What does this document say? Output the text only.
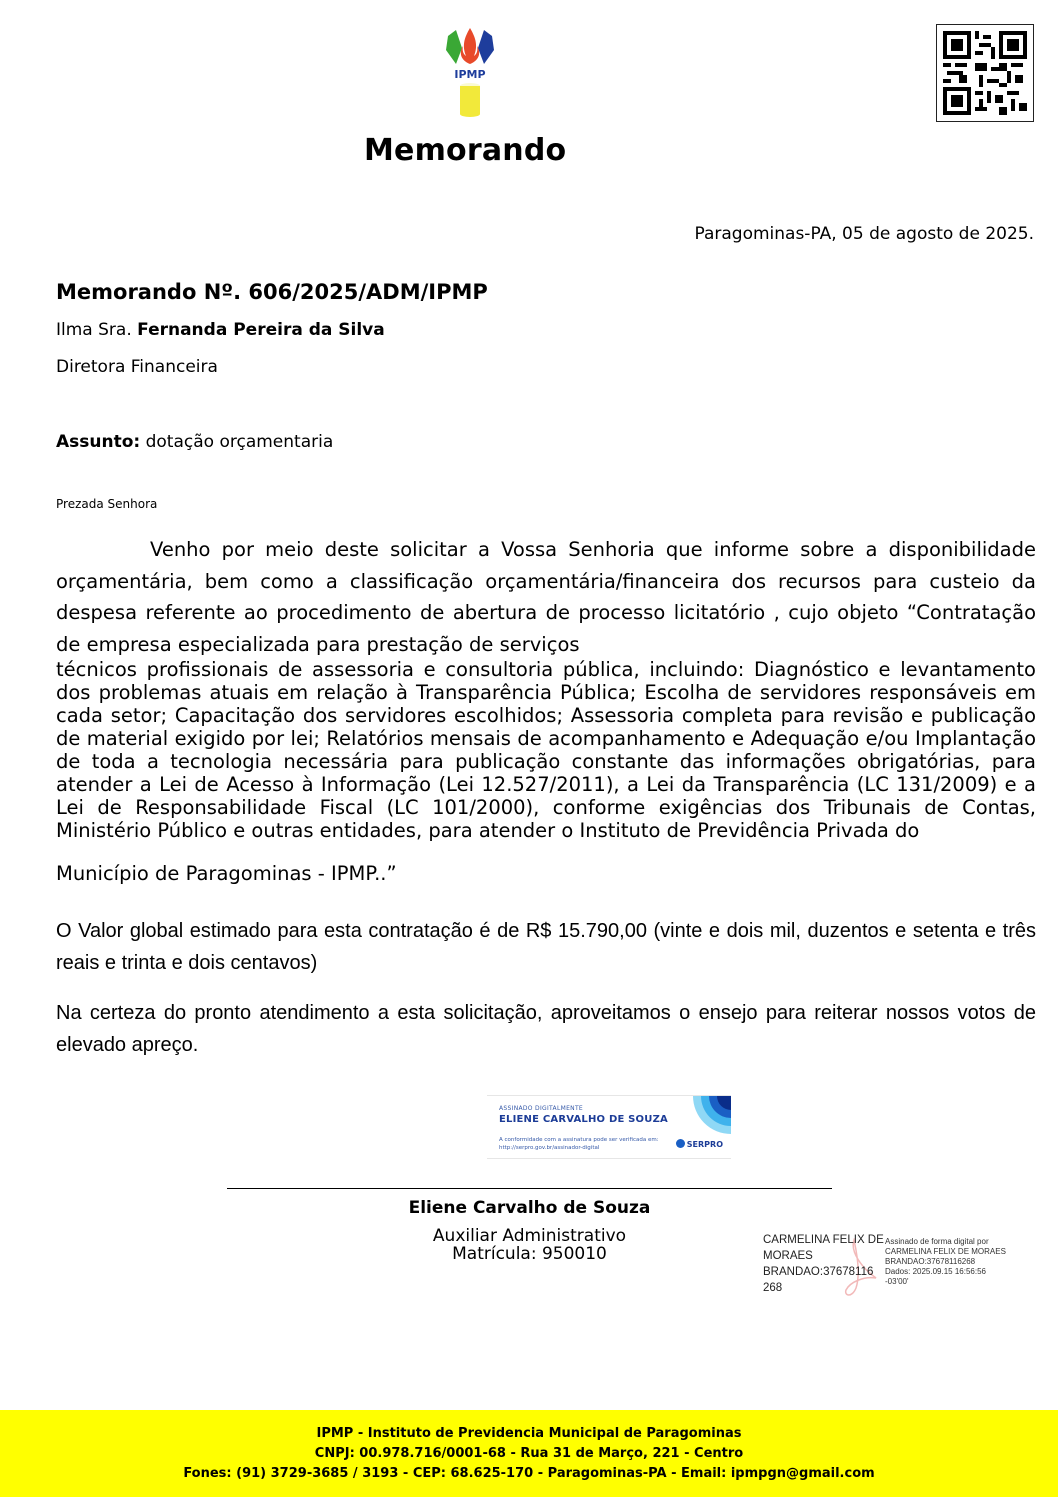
IPMP
Memorando
Paragominas-PA, 05 de agosto de 2025.
Memorando Nº. 606/2025/ADM/IPMP
Ilma Sra. Fernanda Pereira da Silva
Diretora Financeira
Assunto: dotação orçamentaria
Prezada Senhora
Venho por meio deste solicitar a Vossa Senhoria que informe sobre a disponibilidade orçamentária, bem como a classificação orçamentária/financeira dos recursos para custeio da despesa referente ao procedimento de abertura de processo licitatório , cujo objeto “Contratação de empresa especializada para prestação de serviços
técnicos profissionais de assessoria e consultoria pública, incluindo: Diagnóstico e levantamento dos problemas atuais em relação à Transparência Pública; Escolha de servidores responsáveis em cada setor; Capacitação dos servidores escolhidos; Assessoria completa para revisão e publicação de material exigido por lei; Relatórios mensais de acompanhamento e Adequação e/ou Implantação de toda a tecnologia necessária para publicação constante das informações obrigatórias, para atender a Lei de Acesso à Informação (Lei 12.527/2011), a Lei da Transparência (LC 131/2009) e a Lei de Responsabilidade Fiscal (LC 101/2000), conforme exigências dos Tribunais de Contas, Ministério Público e outras entidades, para atender o Instituto de Previdência Privada do
Município de Paragominas - IPMP..”
O Valor global estimado para esta contratação é de R$ 15.790,00 (vinte e dois mil, duzentos e setenta e três reais e trinta e dois centavos)
Na certeza do pronto atendimento a esta solicitação, aproveitamos o ensejo para reiterar nossos votos de elevado apreço.
ASSINADO DIGITALMENTE
ELIENE CARVALHO DE SOUZA
A conformidade com a assinatura pode ser verificada em:
http://serpro.gov.br/assinador-digital	SERPRO
Eliene Carvalho de Souza
Auxiliar Administrativo
Matrícula: 950010
CARMELINA FELIX DE
MORAES
BRANDAO:37678116
268
Assinado de forma digital por
CARMELINA FELIX DE MORAES
BRANDAO:37678116268
Dados: 2025.09.15 16:56:56
-03'00'
IPMP - Instituto de Previdencia Municipal de Paragominas
CNPJ: 00.978.716/0001-68 - Rua 31 de Março, 221 - Centro
Fones: (91) 3729-3685 / 3193 - CEP: 68.625-170 - Paragominas-PA - Email: ipmpgn@gmail.com
